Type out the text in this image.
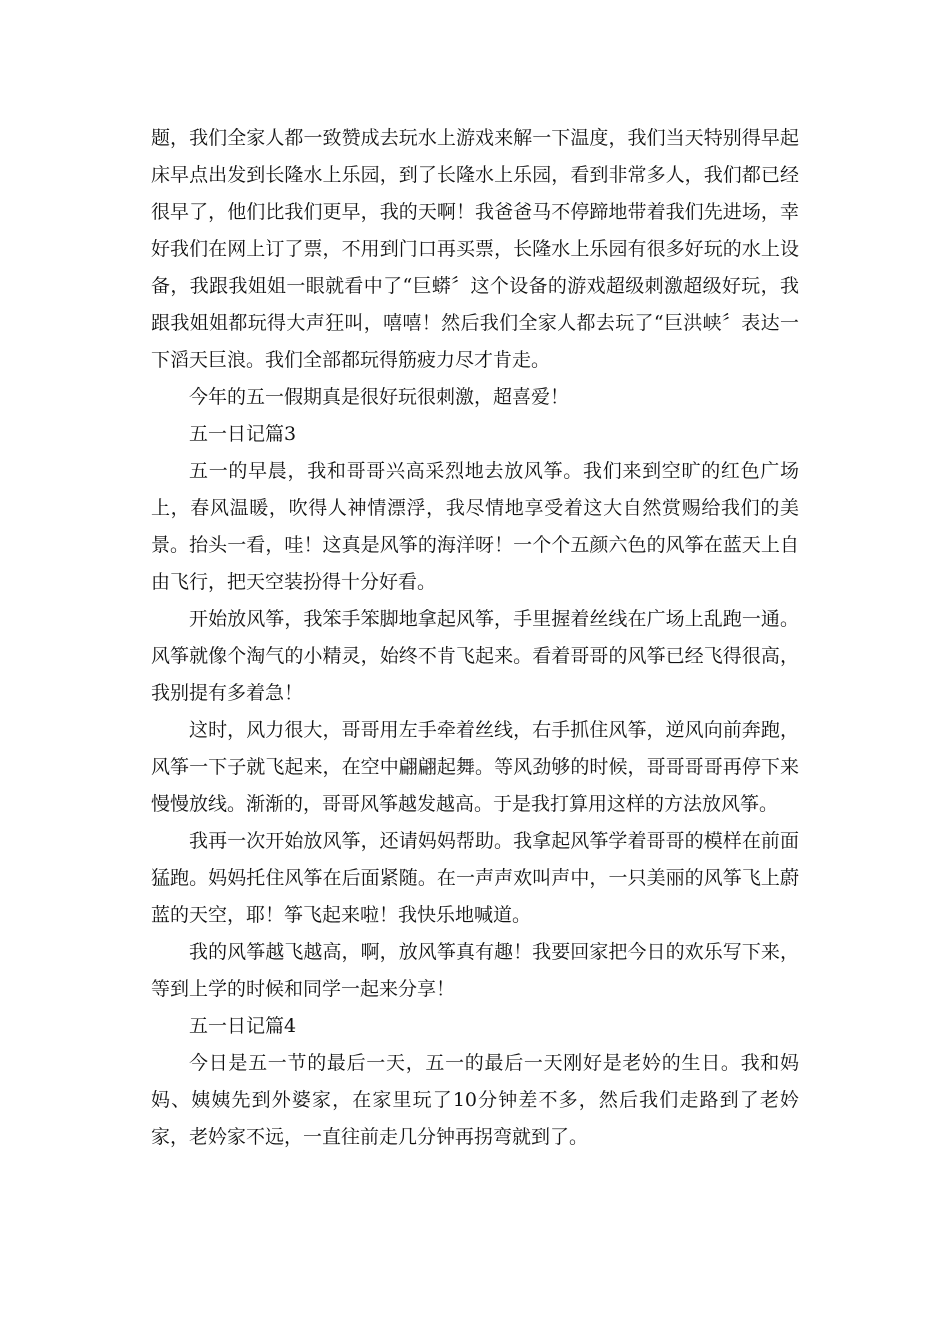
题，我们全家人都一致赞成去玩水上游戏来解一下温度，我们当天特别得早起床早点出发到长隆水上乐园，到了长隆水上乐园，看到非常多人，我们都已经很早了，他们比我们更早，我的天啊！我爸爸马不停蹄地带着我们先进场，幸好我们在网上订了票，不用到门口再买票，长隆水上乐园有很多好玩的水上设备，我跟我姐姐一眼就看中了“巨蟒〞这个设备的游戏超级刺激超级好玩，我跟我姐姐都玩得大声狂叫，嘻嘻！然后我们全家人都去玩了“巨洪峡〞表达一下滔天巨浪。我们全部都玩得筋疲力尽才肯走。

今年的五一假期真是很好玩很刺激，超喜爱！

五一日记篇3

五一的早晨，我和哥哥兴高采烈地去放风筝。我们来到空旷的红色广场上，春风温暖，吹得人神情漂浮，我尽情地享受着这大自然赏赐给我们的美景。抬头一看，哇！这真是风筝的海洋呀！一个个五颜六色的风筝在蓝天上自由飞行，把天空装扮得十分好看。

开始放风筝，我笨手笨脚地拿起风筝，手里握着丝线在广场上乱跑一通。风筝就像个淘气的小精灵，始终不肯飞起来。看着哥哥的风筝已经飞得很高，我别提有多着急！

这时，风力很大，哥哥用左手牵着丝线，右手抓住风筝，逆风向前奔跑，风筝一下子就飞起来，在空中翩翩起舞。等风劲够的时候，哥哥哥哥再停下来慢慢放线。渐渐的，哥哥风筝越发越高。于是我打算用这样的方法放风筝。

我再一次开始放风筝，还请妈妈帮助。我拿起风筝学着哥哥的模样在前面猛跑。妈妈托住风筝在后面紧随。在一声声欢叫声中，一只美丽的风筝飞上蔚蓝的天空，耶！筝飞起来啦！我快乐地喊道。

我的风筝越飞越高，啊，放风筝真有趣！我要回家把今日的欢乐写下来，等到上学的时候和同学一起来分享！

五一日记篇4

今日是五一节的最后一天，五一的最后一天刚好是老妗的生日。我和妈妈、姨姨先到外婆家，在家里玩了10分钟差不多，然后我们走路到了老妗家，老妗家不远，一直往前走几分钟再拐弯就到了。
